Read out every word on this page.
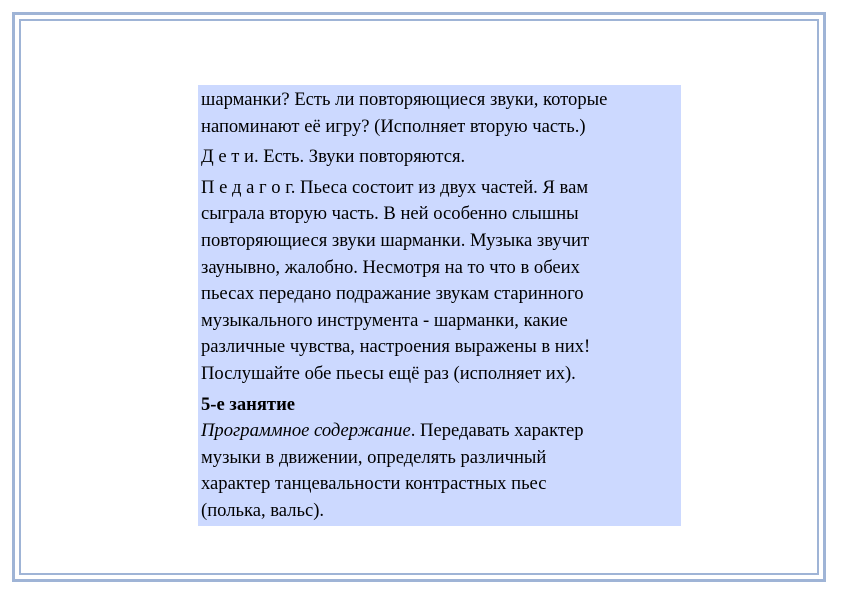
шарманки? Есть ли повторяющиеся звуки, которые
напоминают её игру? (Исполняет вторую часть.)

Д е т и. Есть. Звуки повторяются.

П е д а г о г. Пьеса состоит из двух частей. Я вам
сыграла вторую часть. В ней особенно слышны
повторяющиеся звуки шарманки. Музыка звучит
заунывно, жалобно. Несмотря на то что в обеих
пьесах передано подражание звукам старинного
музыкального инструмента - шарманки, какие
различные чувства, настроения выражены в них!
Послушайте обе пьесы ещё раз (исполняет их).

5-е занятие
Программное содержание. Передавать характер
музыки в движении, определять различный
характер танцевальности контрастных пьес
(полька, вальс).
